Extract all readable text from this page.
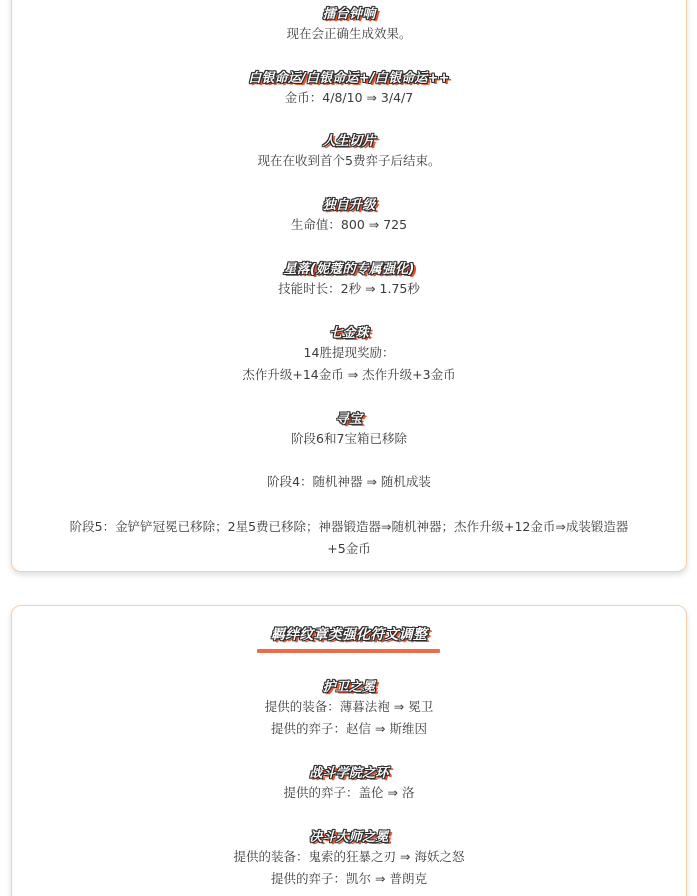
擂台钟响
现在会正确生成效果。
白银命运/白银命运+/白银命运++
金币：4/8/10 ⇒ 3/4/7
人生切片
现在在收到首个5费弈子后结束。
独自升级
生命值：800 ⇒ 725
星落(妮蔻的专属强化)
技能时长：2秒 ⇒ 1.75秒
七金珠
14胜提现奖励：
杰作升级+14金币 ⇒ 杰作升级+3金币
寻宝
阶段6和7宝箱已移除
阶段4：随机神器 ⇒ 随机成装
阶段5：金铲铲冠冕已移除；2星5费已移除；神器锻造器⇒随机神器；杰作升级+12金币⇒成装锻造器
+5金币
羁绊纹章类强化符文调整
护卫之冕
提供的装备：薄暮法袍 ⇒ 冕卫
提供的弈子：赵信 ⇒ 斯维因
战斗学院之环
提供的弈子：盖伦 ⇒ 洛
决斗大师之冕
提供的装备：鬼索的狂暴之刃 ⇒ 海妖之怒
提供的弈子：凯尔 ⇒ 普朗克
